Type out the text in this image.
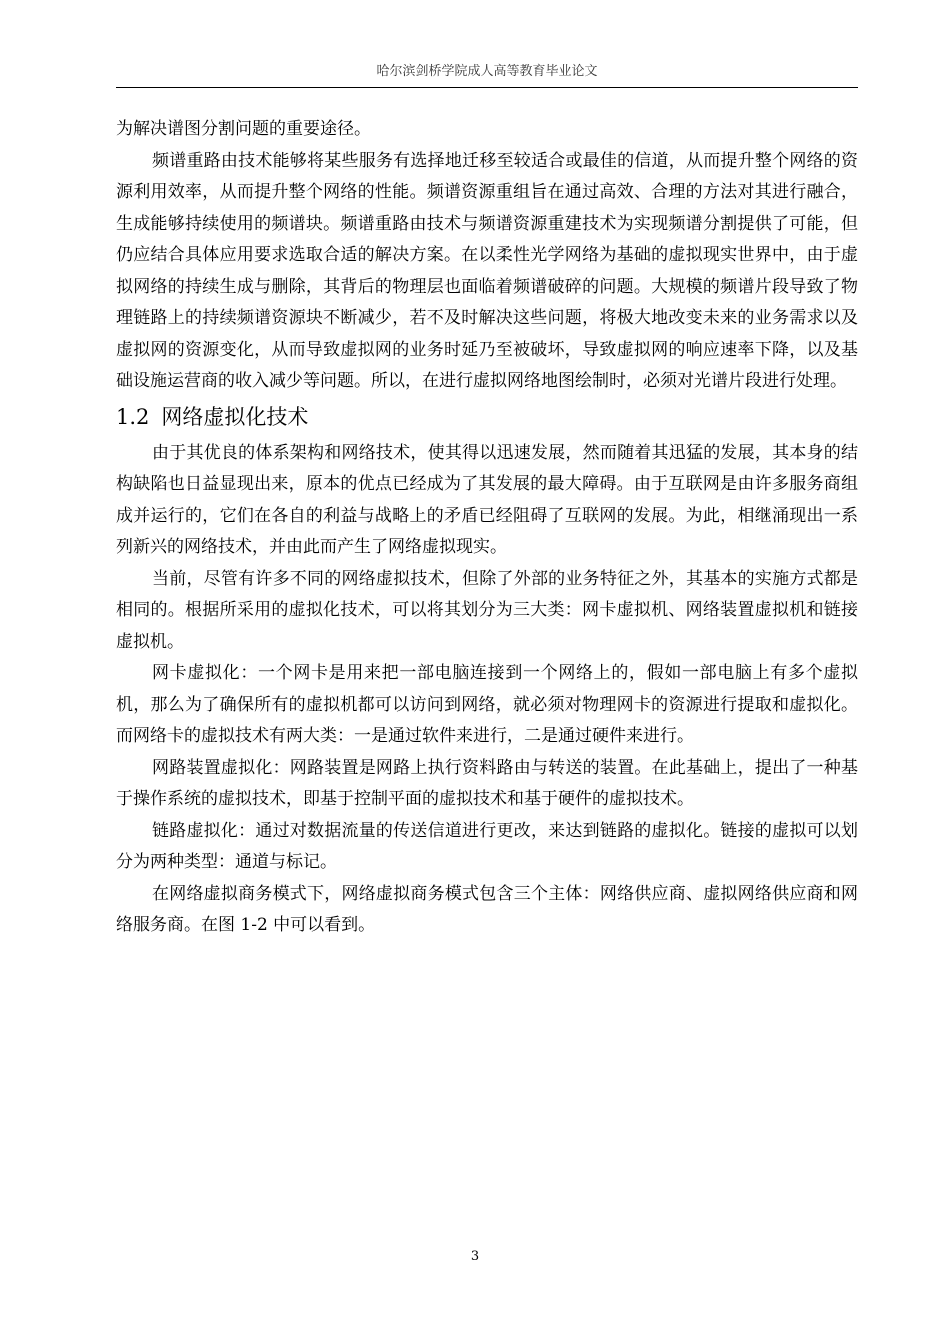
哈尔滨剑桥学院成人高等教育毕业论文

为解决谱图分割问题的重要途径。

频谱重路由技术能够将某些服务有选择地迁移至较适合或最佳的信道，从而提升整个网络的资源利用效率，从而提升整个网络的性能。频谱资源重组旨在通过高效、合理的方法对其进行融合，生成能够持续使用的频谱块。频谱重路由技术与频谱资源重建技术为实现频谱分割提供了可能，但仍应结合具体应用要求选取合适的解决方案。在以柔性光学网络为基础的虚拟现实世界中，由于虚拟网络的持续生成与删除，其背后的物理层也面临着频谱破碎的问题。大规模的频谱片段导致了物理链路上的持续频谱资源块不断减少，若不及时解决这些问题，将极大地改变未来的业务需求以及虚拟网的资源变化，从而导致虚拟网的业务时延乃至被破坏，导致虚拟网的响应速率下降，以及基础设施运营商的收入减少等问题。所以，在进行虚拟网络地图绘制时，必须对光谱片段进行处理。

1.2 网络虚拟化技术

由于其优良的体系架构和网络技术，使其得以迅速发展，然而随着其迅猛的发展，其本身的结构缺陷也日益显现出来，原本的优点已经成为了其发展的最大障碍。由于互联网是由许多服务商组成并运行的，它们在各自的利益与战略上的矛盾已经阻碍了互联网的发展。为此，相继涌现出一系列新兴的网络技术，并由此而产生了网络虚拟现实。

当前，尽管有许多不同的网络虚拟技术，但除了外部的业务特征之外，其基本的实施方式都是相同的。根据所采用的虚拟化技术，可以将其划分为三大类：网卡虚拟机、网络装置虚拟机和链接虚拟机。

网卡虚拟化：一个网卡是用来把一部电脑连接到一个网络上的，假如一部电脑上有多个虚拟机，那么为了确保所有的虚拟机都可以访问到网络，就必须对物理网卡的资源进行提取和虚拟化。而网络卡的虚拟技术有两大类：一是通过软件来进行，二是通过硬件来进行。

网路装置虚拟化：网路装置是网路上执行资料路由与转送的装置。在此基础上，提出了一种基于操作系统的虚拟技术，即基于控制平面的虚拟技术和基于硬件的虚拟技术。

链路虚拟化：通过对数据流量的传送信道进行更改，来达到链路的虚拟化。链接的虚拟可以划分为两种类型：通道与标记。

在网络虚拟商务模式下，网络虚拟商务模式包含三个主体：网络供应商、虚拟网络供应商和网络服务商。在图 1-2 中可以看到。

3
